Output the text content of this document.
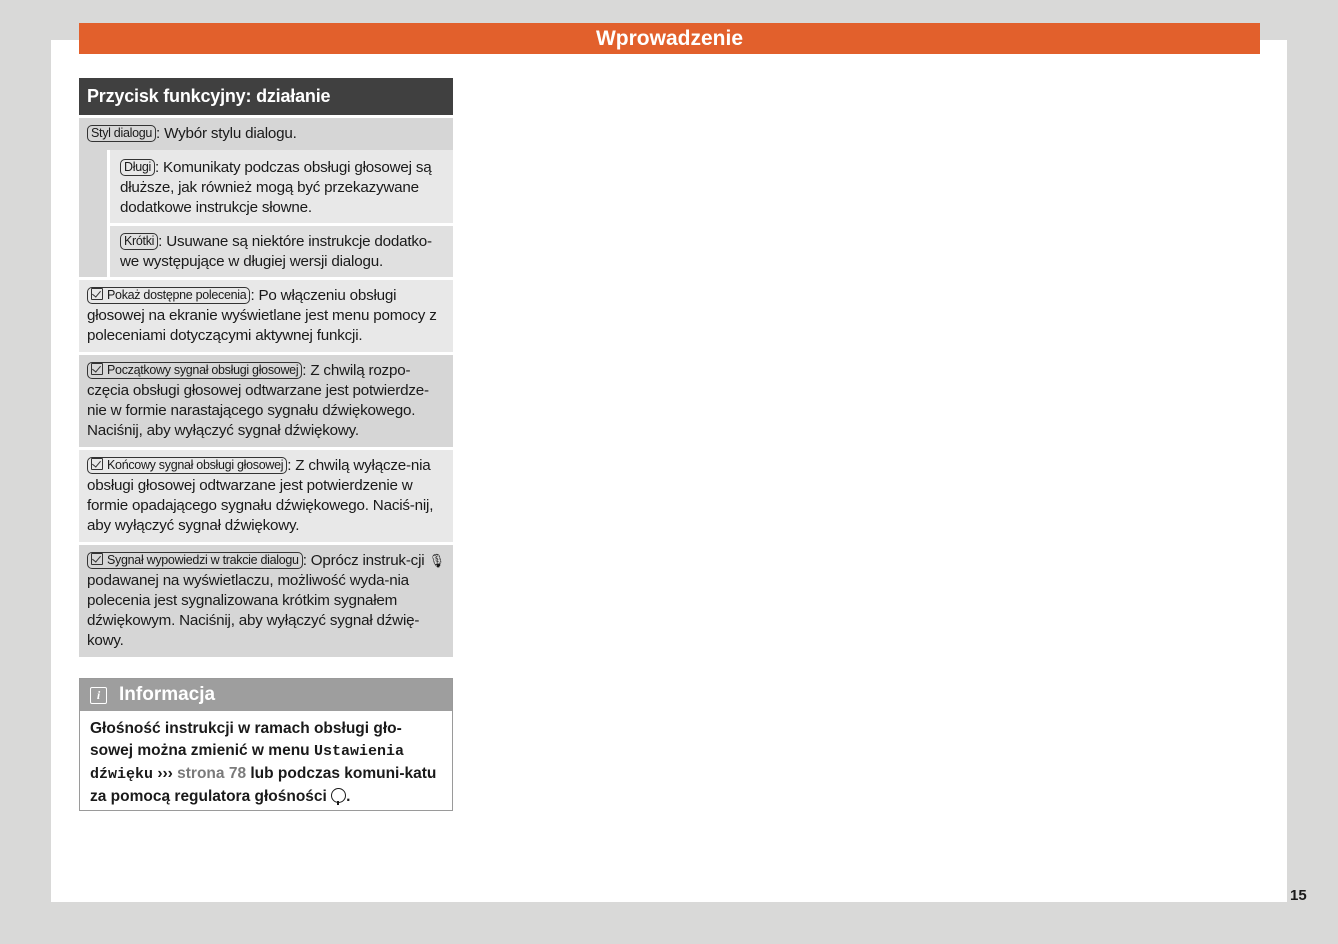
Wprowadzenie
Przycisk funkcyjny: działanie
Styl dialogu : Wybór stylu dialogu.
Długi : Komunikaty podczas obsługi głosowej są dłuższe, jak również mogą być przekazywane dodatkowe instrukcje słowne.
Krótki : Usuwane są niektóre instrukcje dodatko-we występujące w długiej wersji dialogu.
Pokaż dostępne polecenia : Po włączeniu obsługi głosowej na ekranie wyświetlane jest menu pomocy z poleceniami dotyczącymi aktywnej funkcji.
Początkowy sygnał obsługi głosowej : Z chwilą rozpo-częcia obsługi głosowej odtwarzane jest potwierdze-nie w formie narastającego sygnału dźwiękowego. Naciśnij, aby wyłączyć sygnał dźwiękowy.
Końcowy sygnał obsługi głosowej : Z chwilą wyłącze-nia obsługi głosowej odtwarzane jest potwierdzenie w formie opadającego sygnału dźwiękowego. Naciś-nij, aby wyłączyć sygnał dźwiękowy.
Sygnał wypowiedzi w trakcie dialogu : Oprócz instruk-cji 🎙 podawanej na wyświetlaczu, możliwość wyda-nia polecenia jest sygnalizowana krótkim sygnałem dźwiękowym. Naciśnij, aby wyłączyć sygnał dźwię-kowy.
i Informacja
Głośność instrukcji w ramach obsługi gło-sowej można zmienić w menu Ustawienia dźwięku ››› strona 78 lub podczas komuni-katu za pomocą regulatora głośności .
15
